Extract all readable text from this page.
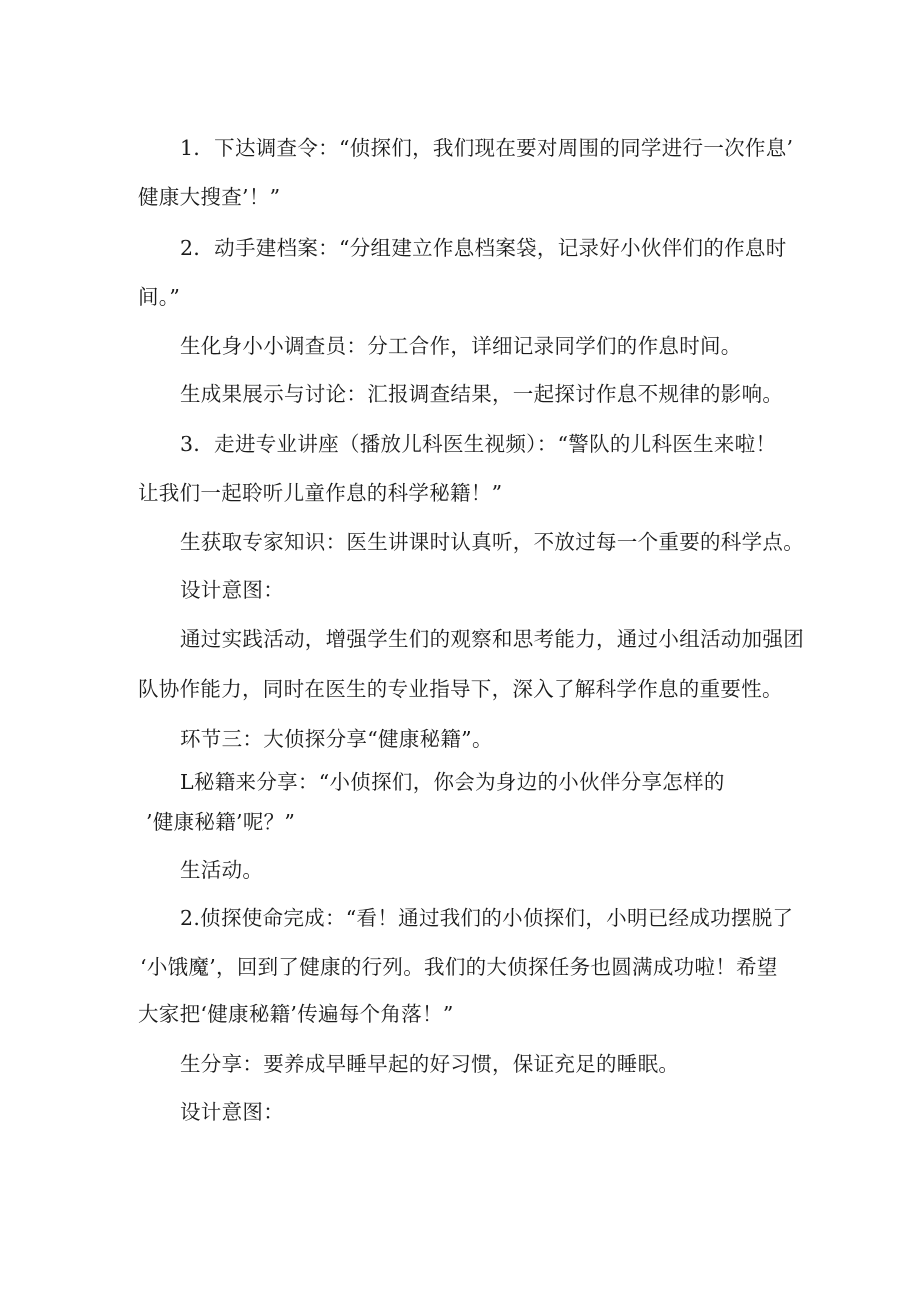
1．下达调查令：“侦探们，我们现在要对周围的同学进行一次作息’
健康大搜查’！”
2．动手建档案：“分组建立作息档案袋，记录好小伙伴们的作息时
间。”
生化身小小调查员：分工合作，详细记录同学们的作息时间。
生成果展示与讨论：汇报调查结果，一起探讨作息不规律的影响。
3．走进专业讲座（播放儿科医生视频）：“警队的儿科医生来啦！
让我们一起聆听儿童作息的科学秘籍！”
生获取专家知识：医生讲课时认真听，不放过每一个重要的科学点。
设计意图：
通过实践活动，增强学生们的观察和思考能力，通过小组活动加强团
队协作能力，同时在医生的专业指导下，深入了解科学作息的重要性。
环节三：大侦探分享“健康秘籍”。
L秘籍来分享：“小侦探们，你会为身边的小伙伴分享怎样的
’健康秘籍’呢？”
生活动。
2.侦探使命完成：“看！通过我们的小侦探们，小明已经成功摆脱了
‘小饿魔’，回到了健康的行列。我们的大侦探任务也圆满成功啦！希望
大家把‘健康秘籍’传遍每个角落！”
生分享：要养成早睡早起的好习惯，保证充足的睡眠。
设计意图：
